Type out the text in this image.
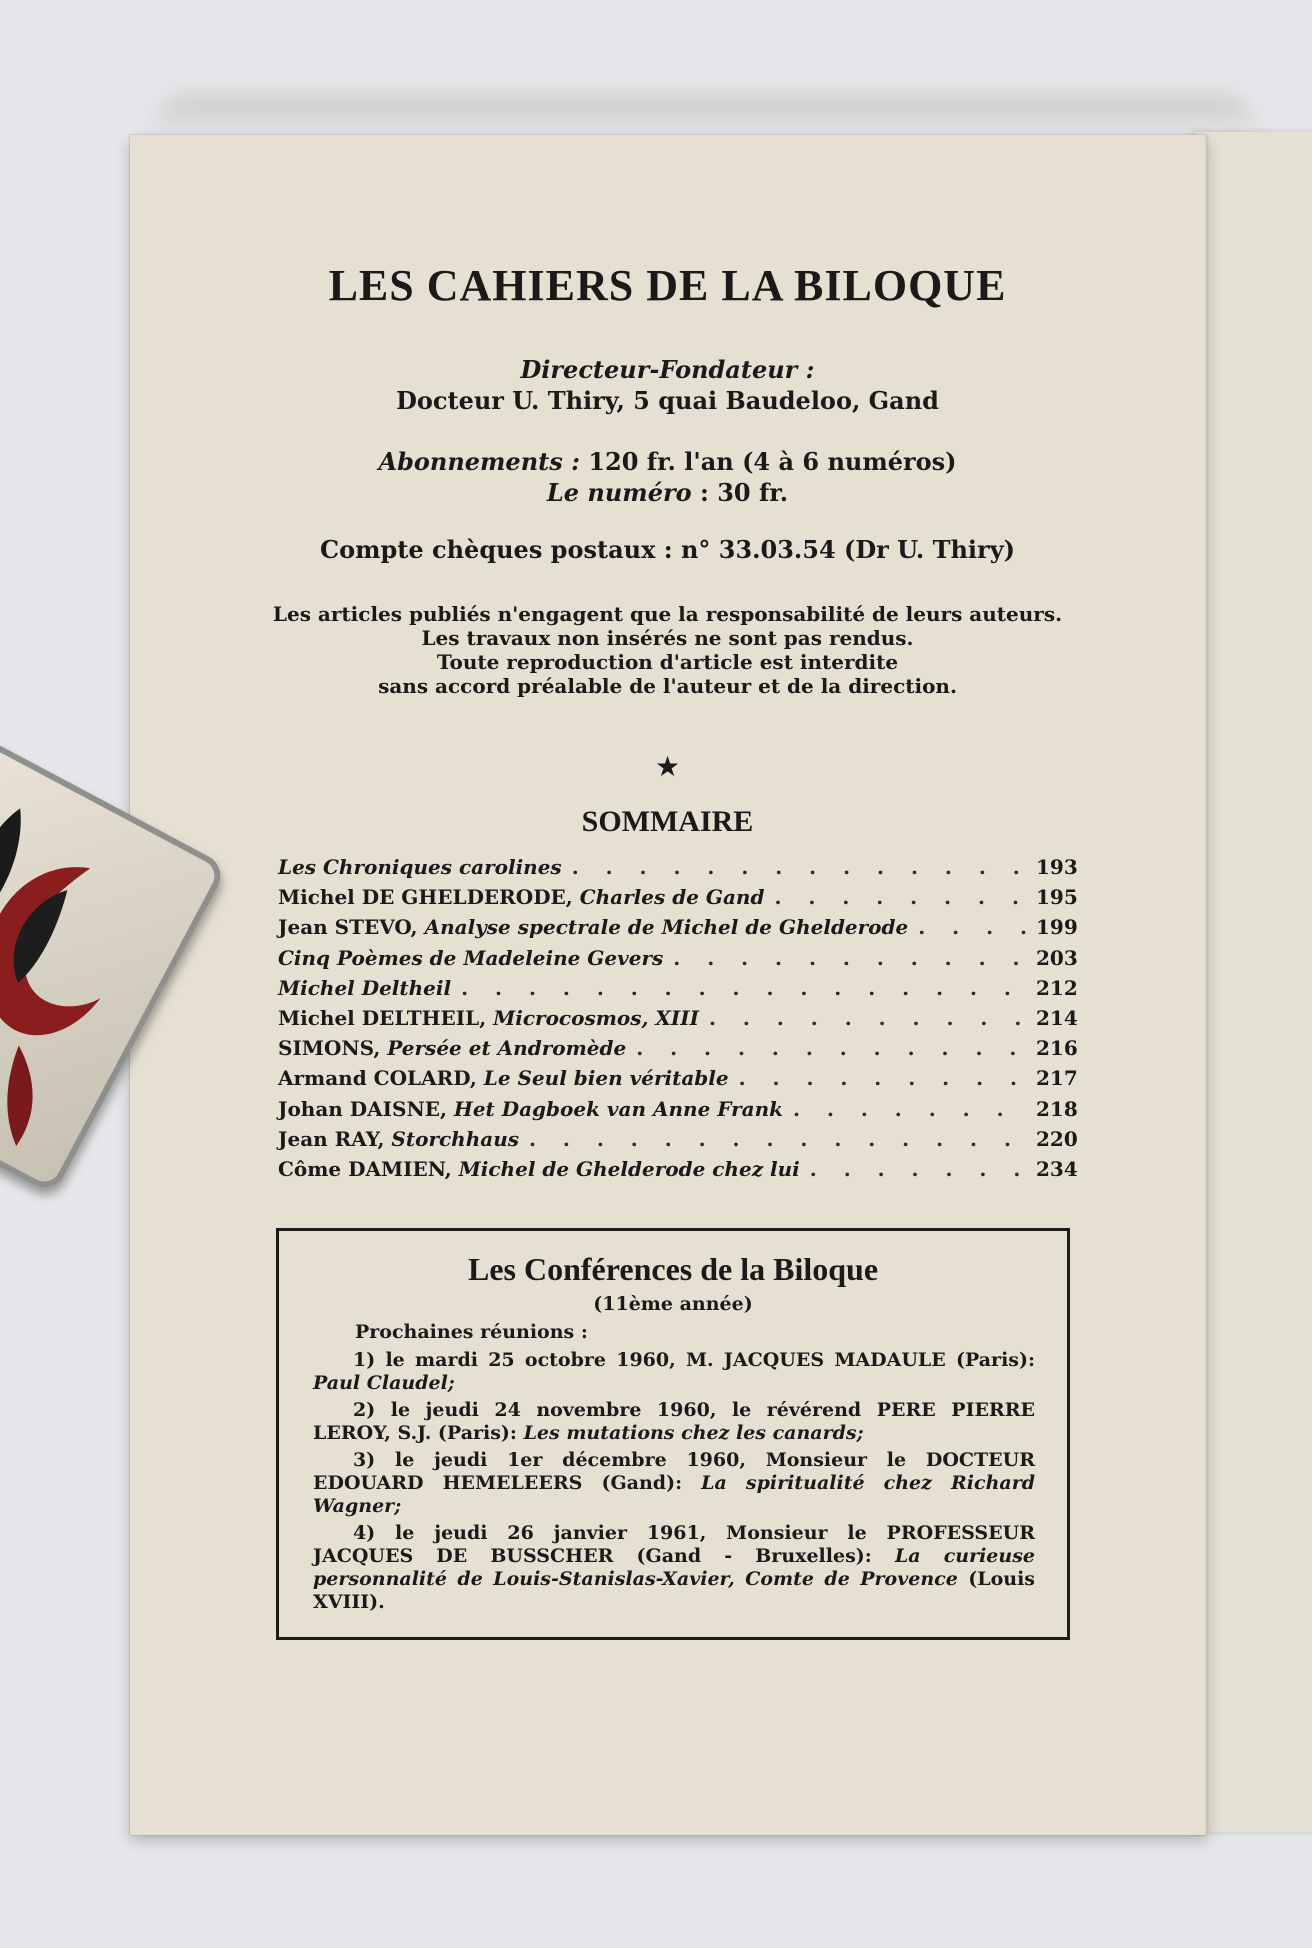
LES CAHIERS DE LA BILOQUE
Directeur-Fondateur :
Docteur U. Thiry, 5 quai Baudeloo, Gand
Abonnements : 120 fr. l'an (4 à 6 numéros)
Le numéro : 30 fr.
Compte chèques postaux : n° 33.03.54 (Dr U. Thiry)
Les articles publiés n'engagent que la responsabilité de leurs auteurs.
Les travaux non insérés ne sont pas rendus.
Toute reproduction d'article est interdite
sans accord préalable de l'auteur et de la direction.
★
SOMMAIRE
Les Chroniques carolines . . .	193
Michel DE GHELDERODE, Charles de Gand . . .	195
Jean STEVO, Analyse spectrale de Michel de Ghelderode . . .	199
Cinq Poèmes de Madeleine Gevers . . .	203
Michel Deltheil . . .	212
Michel DELTHEIL, Microcosmos, XIII . . .	214
SIMONS, Persée et Andromède . . .	216
Armand COLARD, Le Seul bien véritable . . .	217
Johan DAISNE, Het Dagboek van Anne Frank . . .	218
Jean RAY, Storchhaus . . .	220
Côme DAMIEN, Michel de Ghelderode chez lui . . .	234
Les Conférences de la Biloque
(11ème année)
Prochaines réunions :

1) le mardi 25 octobre 1960, M. JACQUES MADAULE (Paris): Paul Claudel;

2) le jeudi 24 novembre 1960, le révérend PERE PIERRE LEROY, S.J. (Paris): Les mutations chez les canards;

3) le jeudi 1er décembre 1960, Monsieur le DOCTEUR EDOUARD HEMELEERS (Gand): La spiritualité chez Richard Wagner;

4) le jeudi 26 janvier 1961, Monsieur le PROFESSEUR JACQUES DE BUSSCHER (Gand - Bruxelles): La curieuse personnalité de Louis-Stanislas-Xavier, Comte de Provence (Louis XVIII).
